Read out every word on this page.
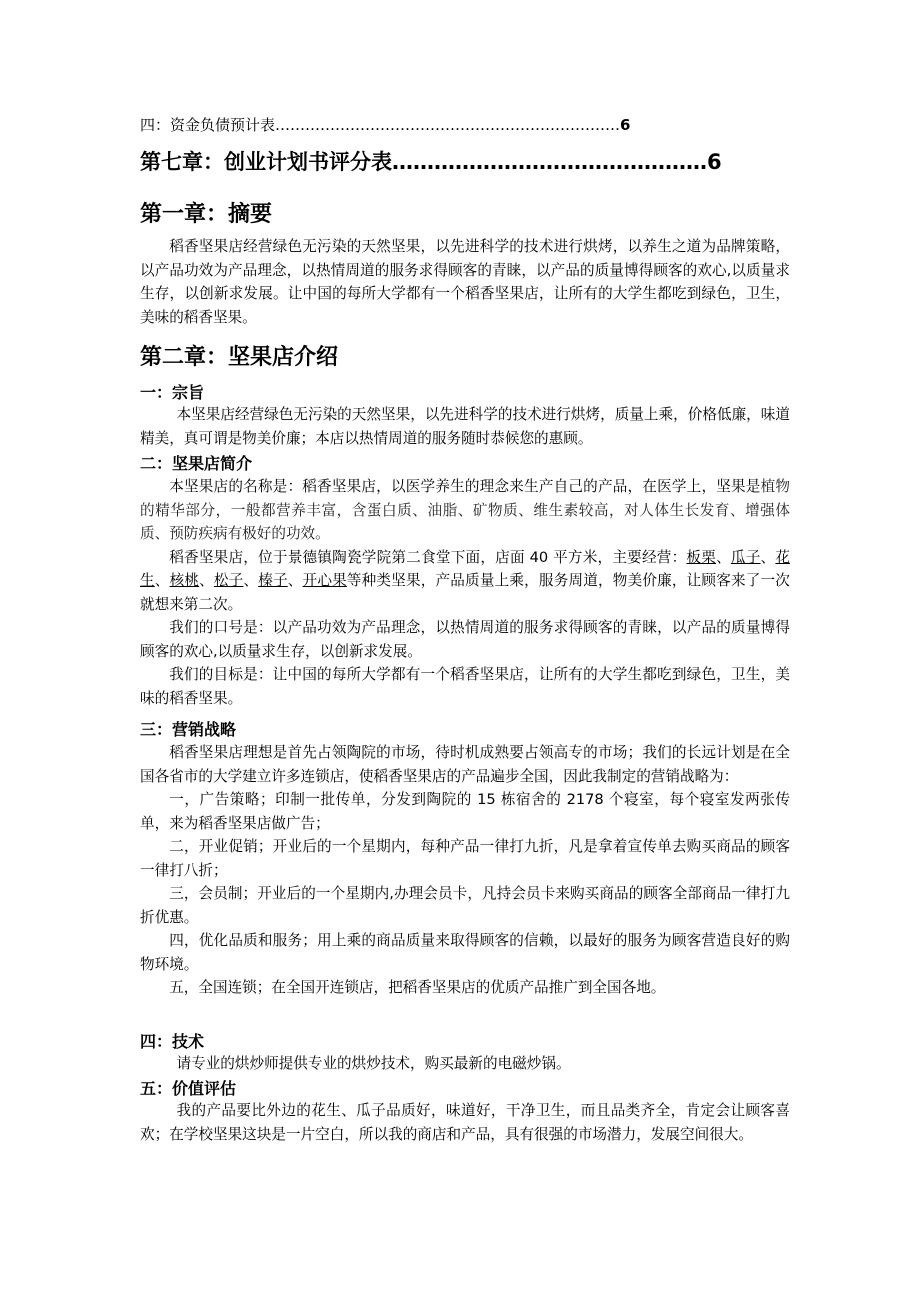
四：资金负债预计表……………………………………………………………6
第七章：创业计划书评分表………………………………………6
第一章：摘要

稻香坚果店经营绿色无污染的天然坚果，以先进科学的技术进行烘烤，以养生之道为品牌策略，以产品功效为产品理念，以热情周道的服务求得顾客的青睐，以产品的质量博得顾客的欢心,以质量求生存，以创新求发展。让中国的每所大学都有一个稻香坚果店，让所有的大学生都吃到绿色，卫生，美味的稻香坚果。

第二章：坚果店介绍
一：宗旨

本坚果店经营绿色无污染的天然坚果，以先进科学的技术进行烘烤，质量上乘，价格低廉，味道精美，真可谓是物美价廉；本店以热情周道的服务随时恭候您的惠顾。

二：坚果店简介

本坚果店的名称是：稻香坚果店，以医学养生的理念来生产自己的产品，在医学上，坚果是植物的精华部分，一般都营养丰富，含蛋白质、油脂、矿物质、维生素较高，对人体生长发育、增强体质、预防疾病有极好的功效。

稻香坚果店，位于景德镇陶瓷学院第二食堂下面，店面 40 平方米，主要经营：板栗、瓜子、花生、核桃、松子、榛子、开心果等种类坚果，产品质量上乘，服务周道，物美价廉，让顾客来了一次就想来第二次。

我们的口号是：以产品功效为产品理念，以热情周道的服务求得顾客的青睐，以产品的质量博得顾客的欢心,以质量求生存，以创新求发展。

我们的目标是：让中国的每所大学都有一个稻香坚果店，让所有的大学生都吃到绿色，卫生，美味的稻香坚果。

三：营销战略

稻香坚果店理想是首先占领陶院的市场，待时机成熟要占领高专的市场；我们的长远计划是在全国各省市的大学建立许多连锁店，使稻香坚果店的产品遍步全国，因此我制定的营销战略为：

一，广告策略；印制一批传单，分发到陶院的 15 栋宿舍的 2178 个寝室，每个寝室发两张传单，来为稻香坚果店做广告；

二，开业促销；开业后的一个星期内，每种产品一律打九折，凡是拿着宣传单去购买商品的顾客一律打八折；

三，会员制；开业后的一个星期内,办理会员卡，凡持会员卡来购买商品的顾客全部商品一律打九折优惠。

四，优化品质和服务；用上乘的商品质量来取得顾客的信赖，以最好的服务为顾客营造良好的购物环境。

五，全国连锁；在全国开连锁店，把稻香坚果店的优质产品推广到全国各地。

四：技术

请专业的烘炒师提供专业的烘炒技术，购买最新的电磁炒锅。

五：价值评估

我的产品要比外边的花生、瓜子品质好，味道好，干净卫生，而且品类齐全，肯定会让顾客喜欢；在学校坚果这块是一片空白，所以我的商店和产品，具有很强的市场潜力，发展空间很大。
